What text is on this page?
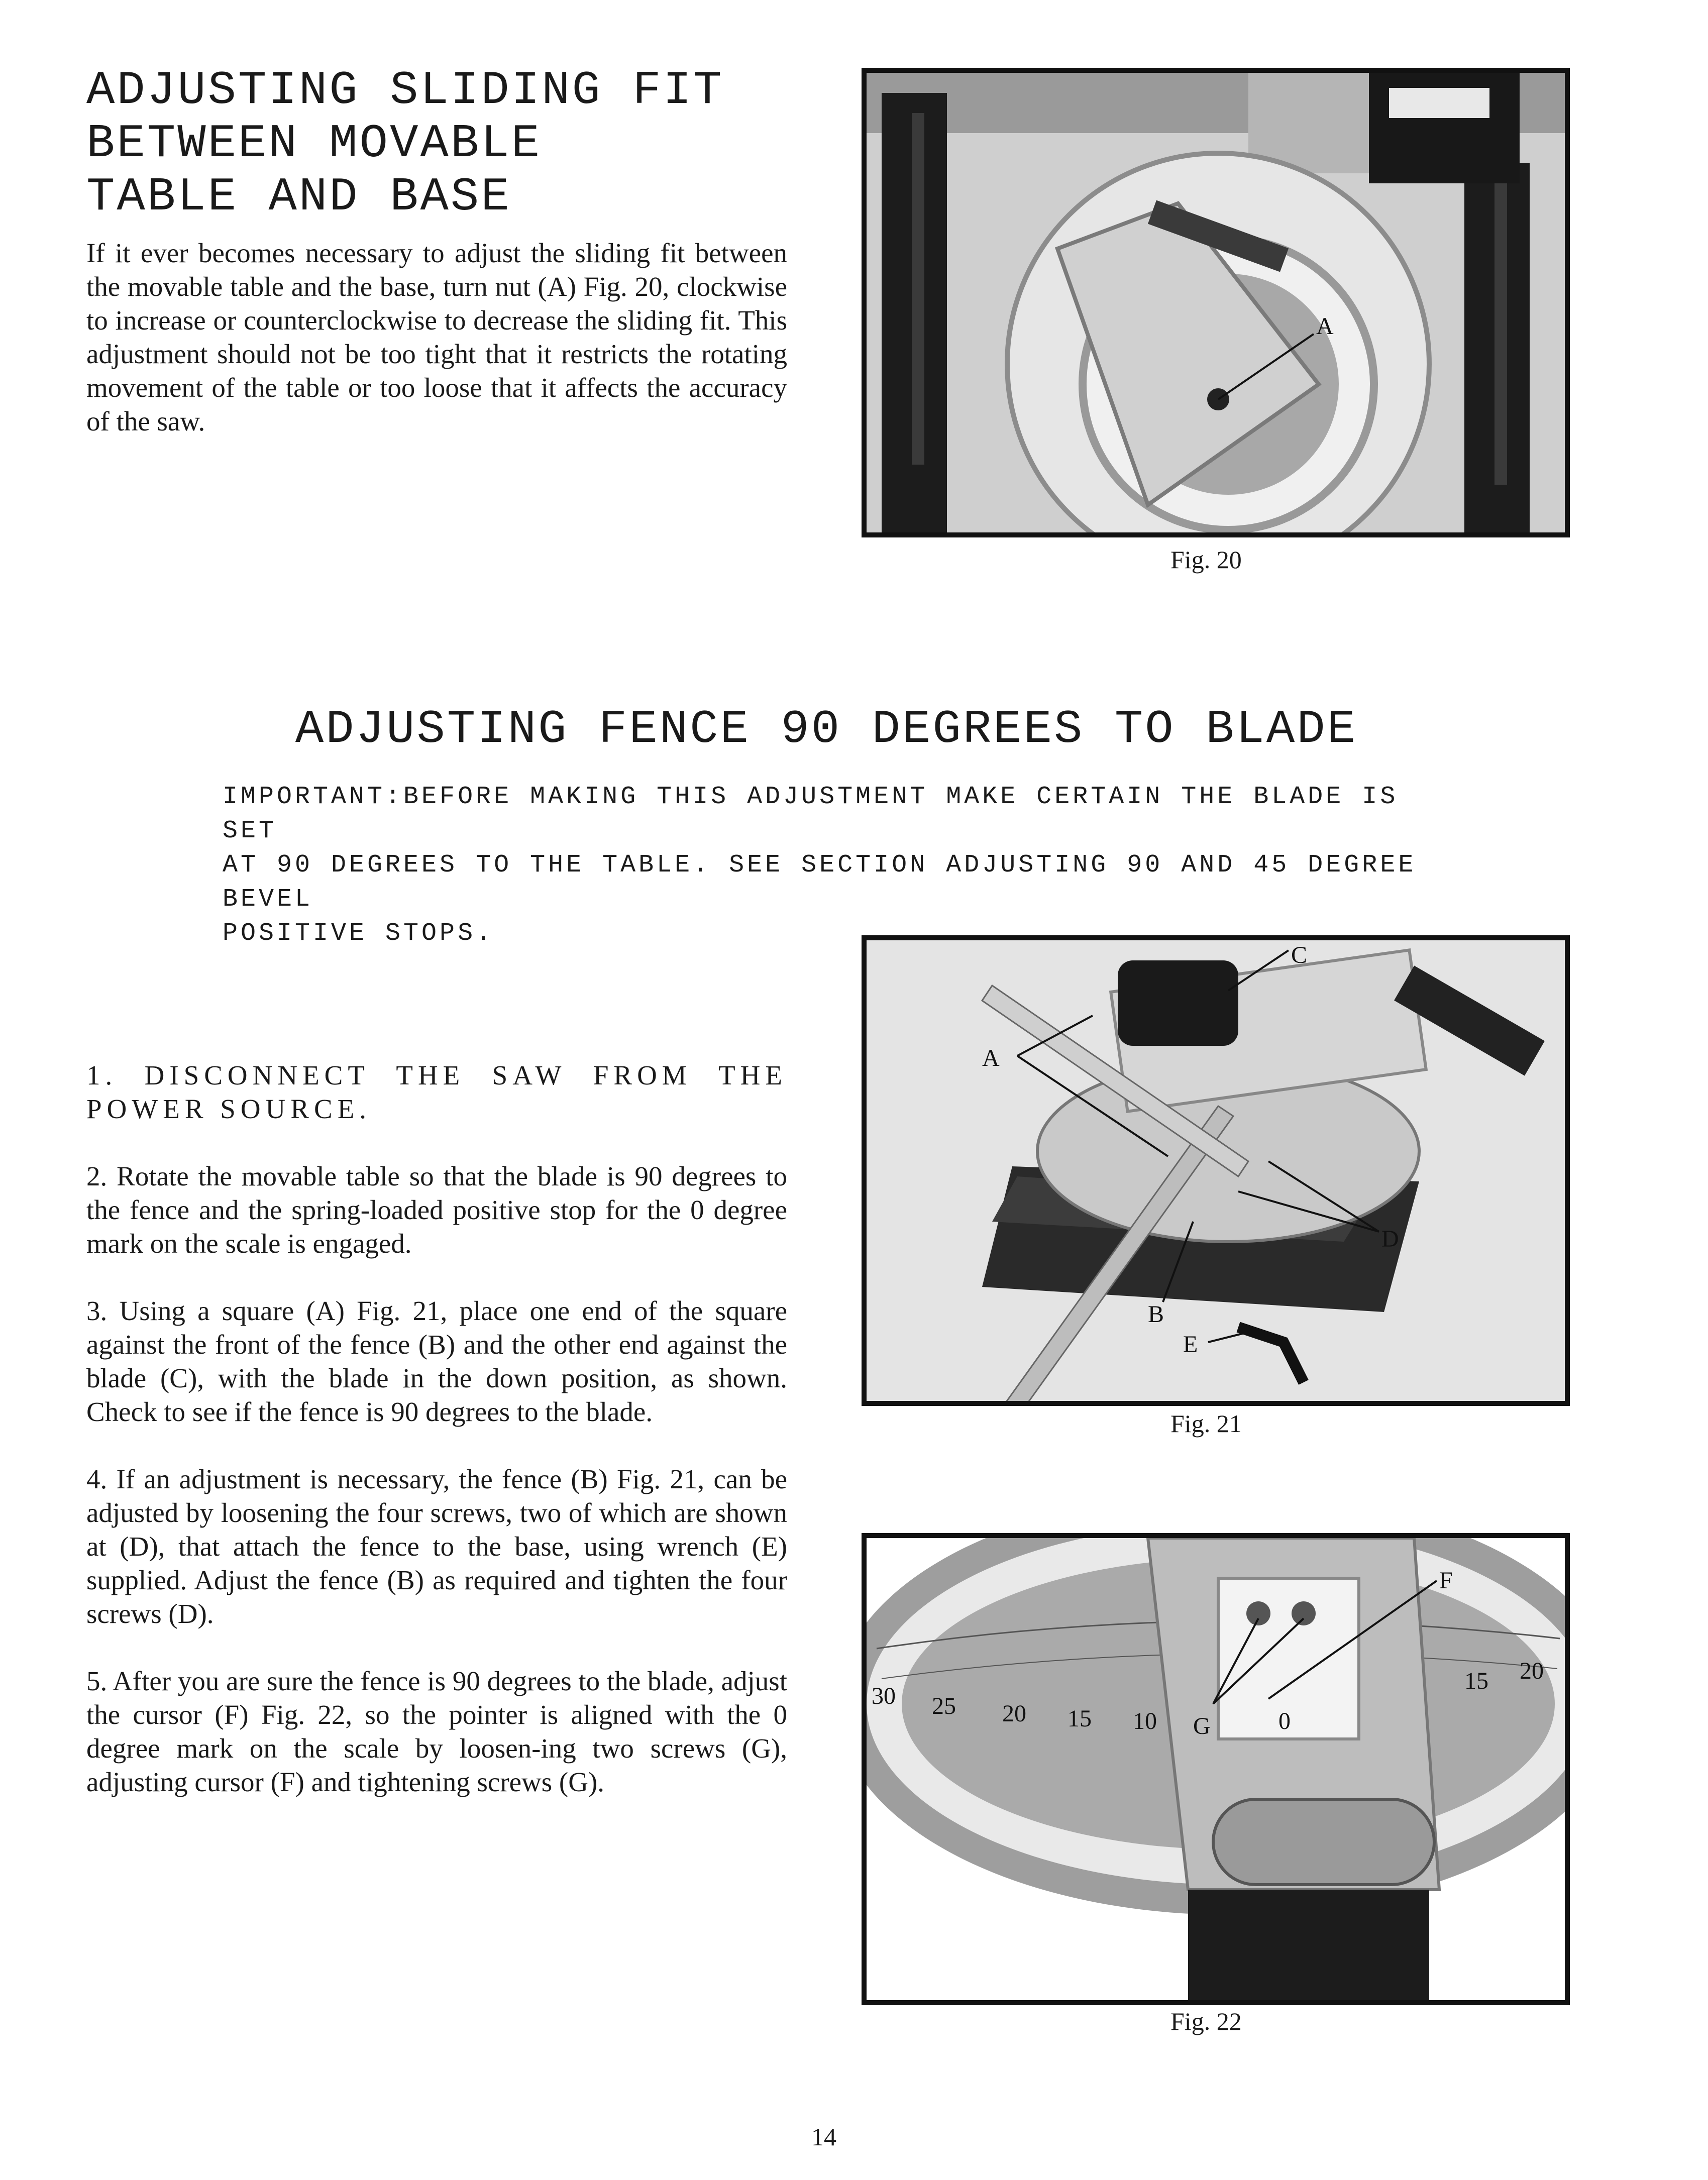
ADJUSTING SLIDING FIT
BETWEEN MOVABLE
TABLE AND BASE

If it ever becomes necessary to adjust the sliding fit between the movable table and the base, turn nut (A) Fig. 20, clockwise to increase or counterclockwise to decrease the sliding fit. This adjustment should not be too tight that it restricts the rotating movement of the table or too loose that it affects the accuracy of the saw.

A
Fig. 20
ADJUSTING FENCE 90 DEGREES TO BLADE

IMPORTANT:BEFORE MAKING THIS ADJUSTMENT MAKE CERTAIN THE BLADE IS SET

AT 90 DEGREES TO THE TABLE. SEE SECTION ADJUSTING 90 AND 45 DEGREE BEVEL

POSITIVE STOPS.

1. DISCONNECT THE SAW FROM THE POWER SOURCE.

2. Rotate the movable table so that the blade is 90 degrees to the fence and the spring-loaded positive stop for the 0 degree mark on the scale is engaged.

3. Using a square (A) Fig. 21, place one end of the square against the front of the fence (B) and the other end against the blade (C), with the blade in the down position, as shown. Check to see if the fence is 90 degrees to the blade.

4. If an adjustment is necessary, the fence (B) Fig. 21, can be adjusted by loosening the four screws, two of which are shown at (D), that attach the fence to the base, using wrench (E) supplied. Adjust the fence (B) as required and tighten the four screws (D).

5. After you are sure the fence is 90 degrees to the blade, adjust the cursor (F) Fig. 22, so the pointer is aligned with the 0 degree mark on the scale by loosen-ing two screws (G), adjusting cursor (F) and tightening screws (G).

A
C
D
B
E
Fig. 21
30 25 20 15 10
15 20
0
F
G
Fig. 22
14
